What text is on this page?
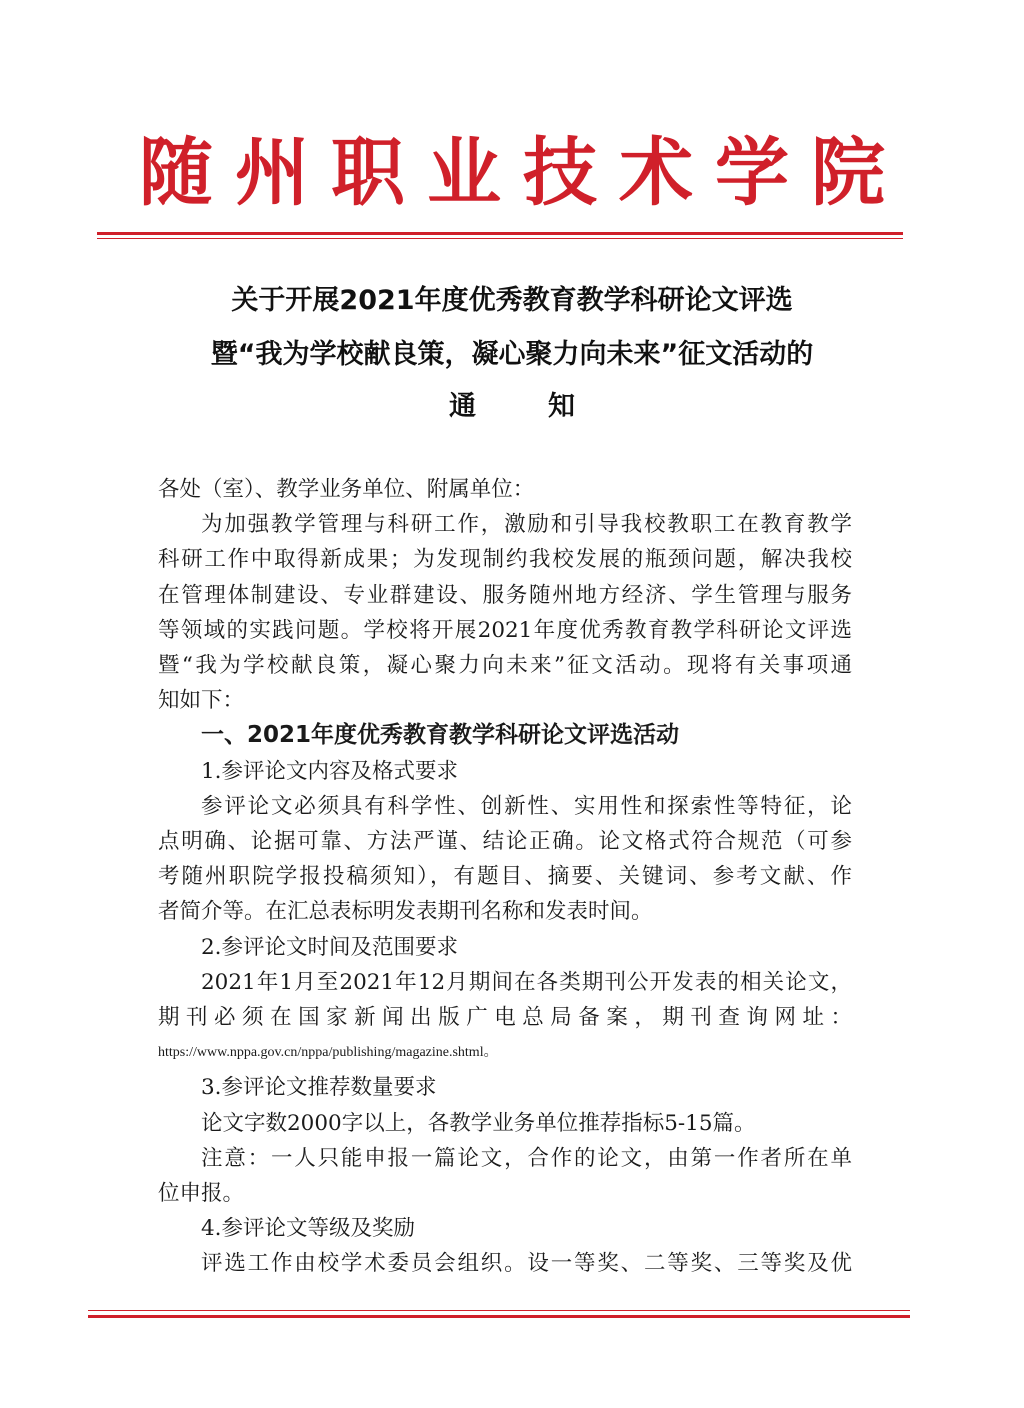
随州职业技术学院
关于开展2021年度优秀教育教学科研论文评选
暨“我为学校献良策，凝心聚力向未来”征文活动的
通知

各处（室）、教学业务单位、附属单位：

为加强教学管理与科研工作，激励和引导我校教职工在教育教学

科研工作中取得新成果；为发现制约我校发展的瓶颈问题，解决我校

在管理体制建设、专业群建设、服务随州地方经济、学生管理与服务

等领域的实践问题。学校将开展2021年度优秀教育教学科研论文评选

暨“我为学校献良策，凝心聚力向未来”征文活动。现将有关事项通

知如下：

一、2021年度优秀教育教学科研论文评选活动

1.参评论文内容及格式要求

参评论文必须具有科学性、创新性、实用性和探索性等特征，论

点明确、论据可靠、方法严谨、结论正确。论文格式符合规范（可参

考随州职院学报投稿须知），有题目、摘要、关键词、参考文献、作

者简介等。在汇总表标明发表期刊名称和发表时间。

2.参评论文时间及范围要求

2021年1月至2021年12月期间在各类期刊公开发表的相关论文，

期刊必须在国家新闻出版广电总局备案，期刊查询网址：

https://www.nppa.gov.cn/nppa/publishing/magazine.shtml。

3.参评论文推荐数量要求

论文字数2000字以上，各教学业务单位推荐指标5-15篇。

注意：一人只能申报一篇论文，合作的论文，由第一作者所在单

位申报。

4.参评论文等级及奖励

评选工作由校学术委员会组织。设一等奖、二等奖、三等奖及优
